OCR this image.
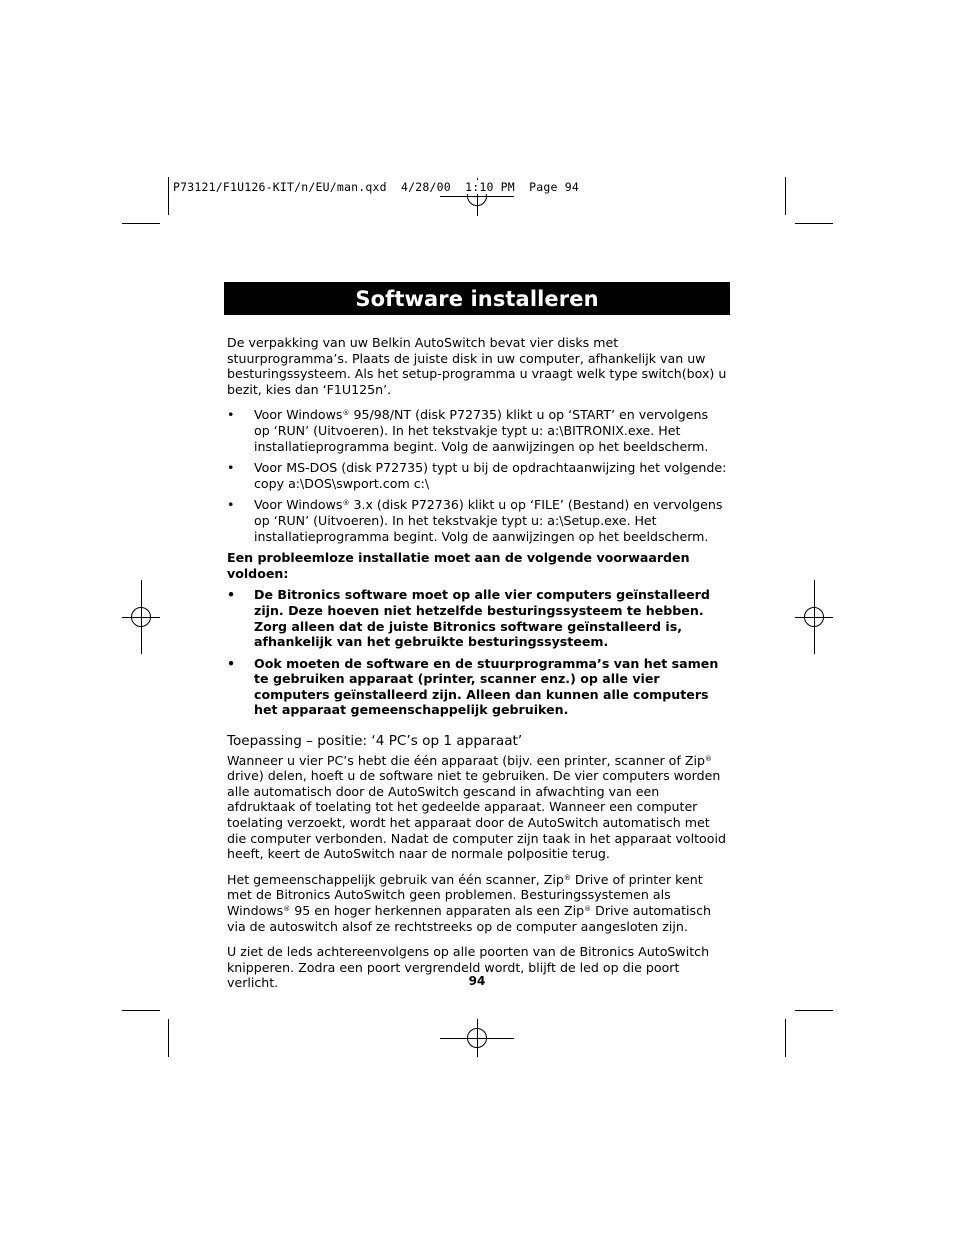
P73121/F1U126-KIT/n/EU/man.qxd  4/28/00  1:10 PM  Page 94
Software installeren

De verpakking van uw Belkin AutoSwitch bevat vier disks met stuurprogramma’s. Plaats de juiste disk in uw computer, afhankelijk van uw besturingssysteem. Als het setup-programma u vraagt welk type switch(box) u bezit, kies dan ‘F1U125n’.

• Voor Windows® 95/98/NT (disk P72735) klikt u op ‘START’ en vervolgens op ‘RUN’ (Uitvoeren). In het tekstvakje typt u: a:\BITRONIX.exe. Het installatieprogramma begint. Volg de aanwijzingen op het beeldscherm.
• Voor MS-DOS (disk P72735) typt u bij de opdrachtaanwijzing het volgende: copy a:\DOS\swport.com c:\
• Voor Windows® 3.x (disk P72736) klikt u op ‘FILE’ (Bestand) en vervolgens op ‘RUN’ (Uitvoeren). In het tekstvakje typt u: a:\Setup.exe. Het installatieprogramma begint. Volg de aanwijzingen op het beeldscherm.

Een probleemloze installatie moet aan de volgende voorwaarden voldoen:

• De Bitronics software moet op alle vier computers geïnstalleerd zijn. Deze hoeven niet hetzelfde besturingssysteem te hebben. Zorg alleen dat de juiste Bitronics software geïnstalleerd is, afhankelijk van het gebruikte besturingssysteem.
• Ook moeten de software en de stuurprogramma’s van het samen te gebruiken apparaat (printer, scanner enz.) op alle vier computers geïnstalleerd zijn. Alleen dan kunnen alle computers het apparaat gemeenschappelijk gebruiken.
Toepassing – positie: ‘4 PC’s op 1 apparaat’

Wanneer u vier PC’s hebt die één apparaat (bijv. een printer, scanner of Zip® drive) delen, hoeft u de software niet te gebruiken. De vier computers worden alle automatisch door de AutoSwitch gescand in afwachting van een afdruktaak of toelating tot het gedeelde apparaat. Wanneer een computer toelating verzoekt, wordt het apparaat door de AutoSwitch automatisch met die computer verbonden. Nadat de computer zijn taak in het apparaat voltooid heeft, keert de AutoSwitch naar de normale polpositie terug.

Het gemeenschappelijk gebruik van één scanner, Zip® Drive of printer kent met de Bitronics AutoSwitch geen problemen. Besturingssystemen als Windows® 95 en hoger herkennen apparaten als een Zip® Drive automatisch via de autoswitch alsof ze rechtstreeks op de computer aangesloten zijn.

U ziet de leds achtereenvolgens op alle poorten van de Bitronics AutoSwitch knipperen. Zodra een poort vergrendeld wordt, blijft de led op die poort verlicht.	94
